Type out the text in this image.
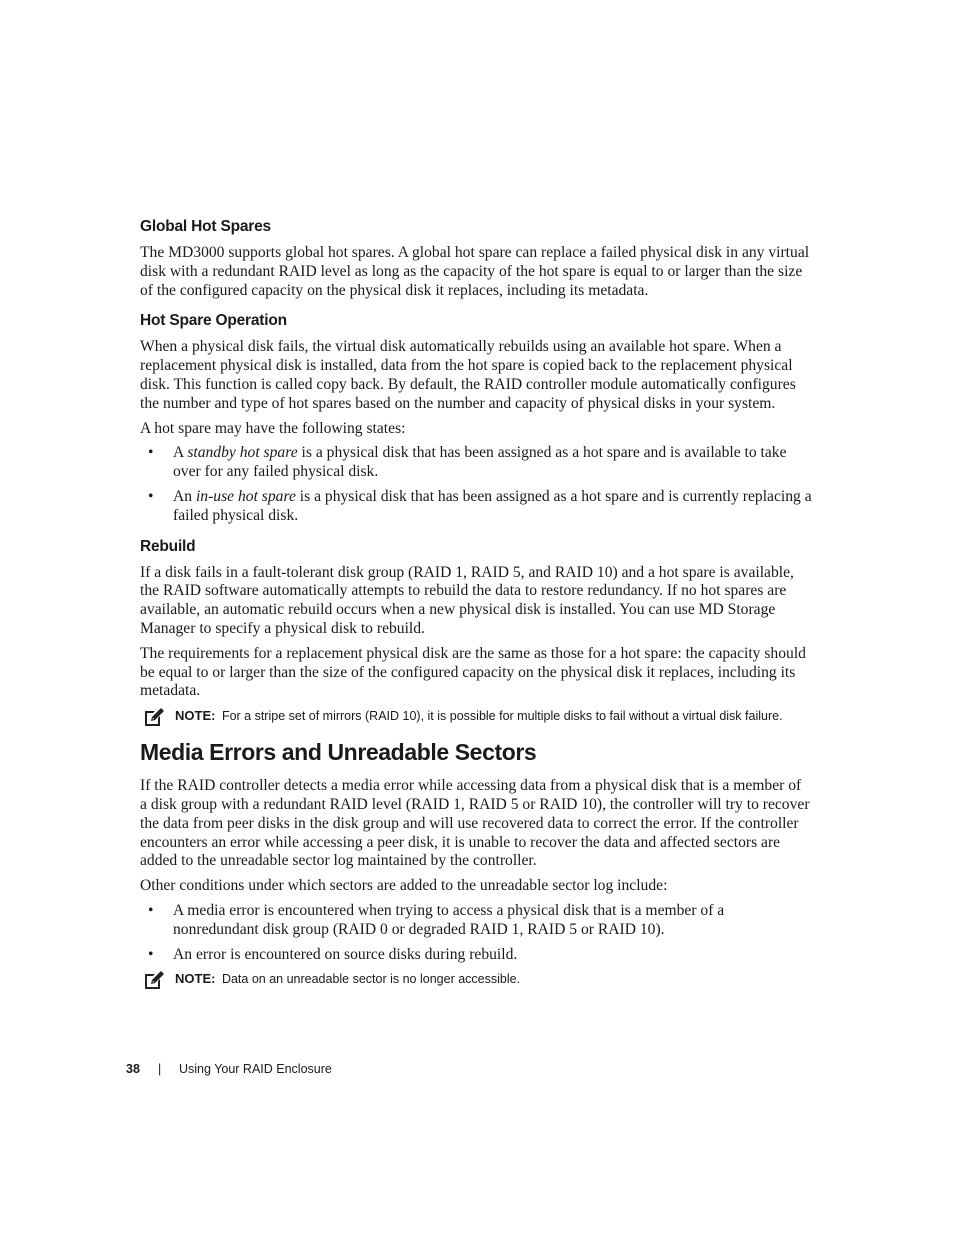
Global Hot Spares

The MD3000 supports global hot spares. A global hot spare can replace a failed physical disk in any virtual disk with a redundant RAID level as long as the capacity of the hot spare is equal to or larger than the size of the configured capacity on the physical disk it replaces, including its metadata.

Hot Spare Operation

When a physical disk fails, the virtual disk automatically rebuilds using an available hot spare. When a replacement physical disk is installed, data from the hot spare is copied back to the replacement physical disk. This function is called copy back. By default, the RAID controller module automatically configures the number and type of hot spares based on the number and capacity of physical disks in your system.

A hot spare may have the following states:

• A standby hot spare is a physical disk that has been assigned as a hot spare and is available to take over for any failed physical disk.
• An in-use hot spare is a physical disk that has been assigned as a hot spare and is currently replacing a failed physical disk.
Rebuild

If a disk fails in a fault-tolerant disk group (RAID 1, RAID 5, and RAID 10) and a hot spare is available, the RAID software automatically attempts to rebuild the data to restore redundancy. If no hot spares are available, an automatic rebuild occurs when a new physical disk is installed. You can use MD Storage Manager to specify a physical disk to rebuild.

The requirements for a replacement physical disk are the same as those for a hot spare: the capacity should be equal to or larger than the size of the configured capacity on the physical disk it replaces, including its metadata.

NOTE: For a stripe set of mirrors (RAID 10), it is possible for multiple disks to fail without a virtual disk failure.
Media Errors and Unreadable Sectors

If the RAID controller detects a media error while accessing data from a physical disk that is a member of a disk group with a redundant RAID level (RAID 1, RAID 5 or RAID 10), the controller will try to recover the data from peer disks in the disk group and will use recovered data to correct the error. If the controller encounters an error while accessing a peer disk, it is unable to recover the data and affected sectors are added to the unreadable sector log maintained by the controller.

Other conditions under which sectors are added to the unreadable sector log include:

• A media error is encountered when trying to access a physical disk that is a member of a nonredundant disk group (RAID 0 or degraded RAID 1, RAID 5 or RAID 10).
• An error is encountered on source disks during rebuild.
NOTE: Data on an unreadable sector is no longer accessible.
38 | Using Your RAID Enclosure
